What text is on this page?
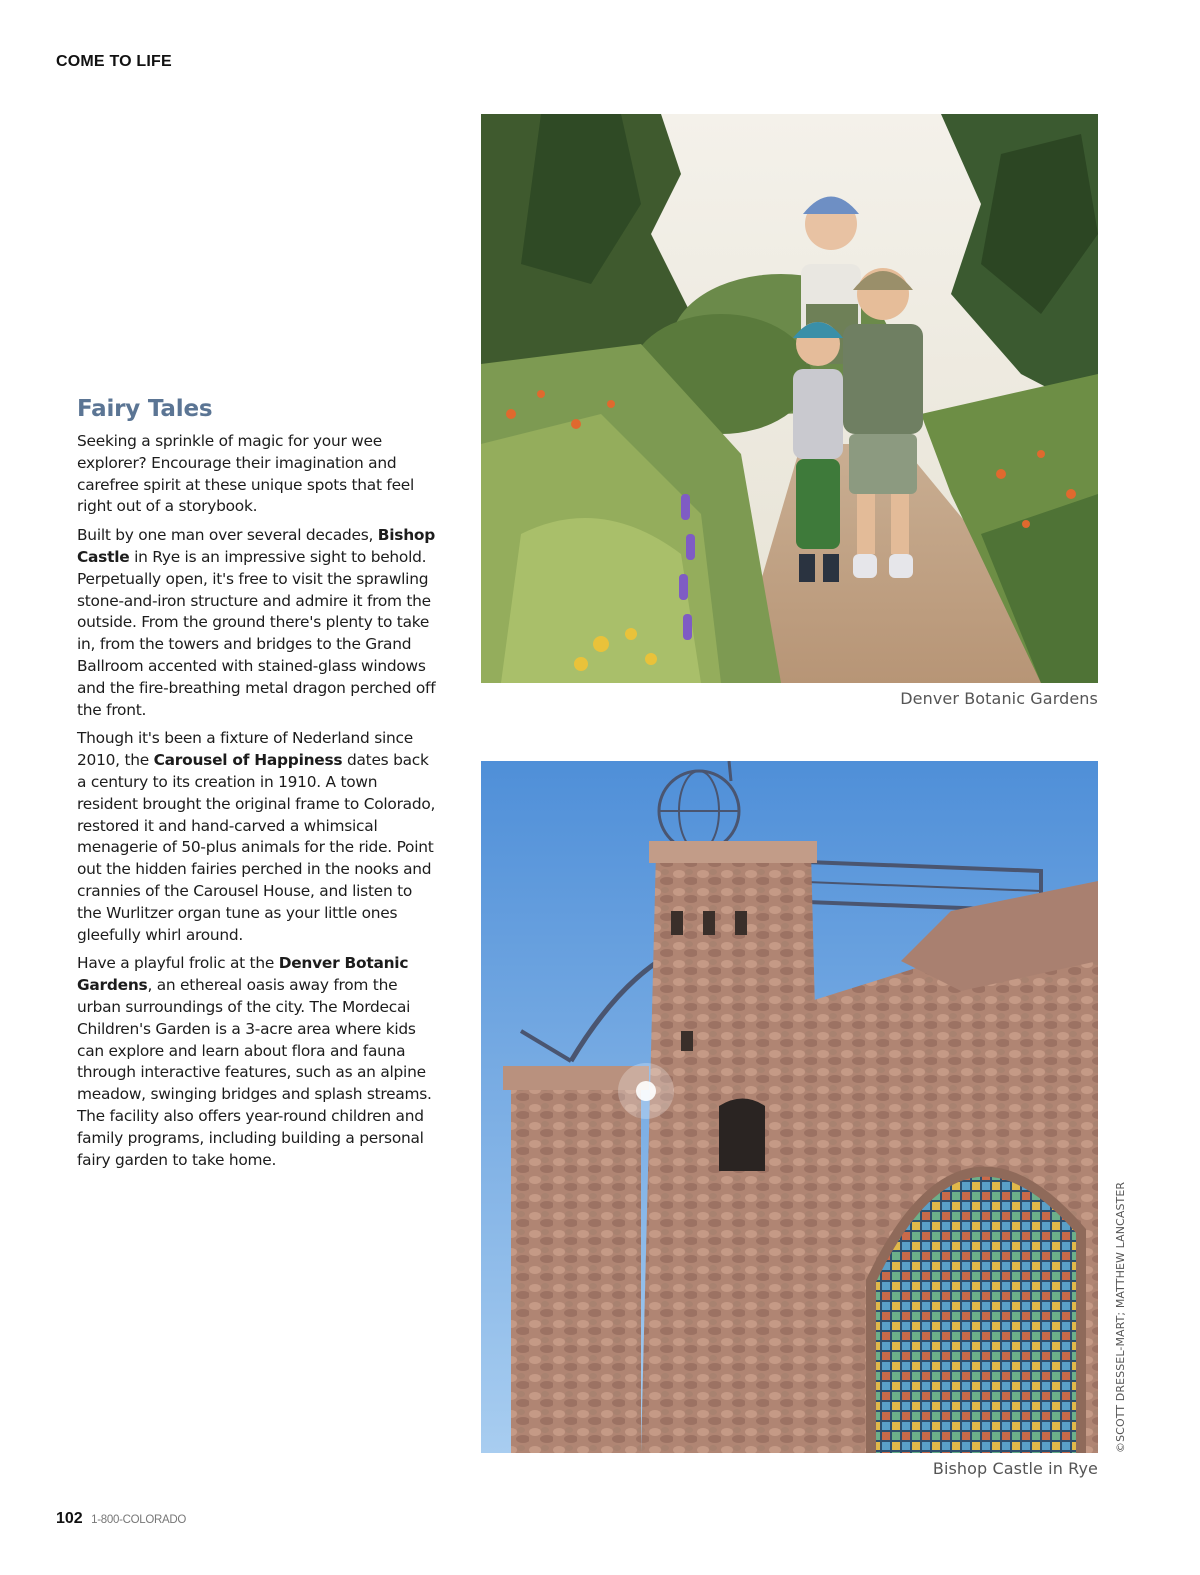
COME TO LIFE
Fairy Tales

Seeking a sprinkle of magic for your wee explorer? Encourage their imagination and carefree spirit at these unique spots that feel right out of a storybook.

Built by one man over several decades, Bishop Castle in Rye is an impressive sight to behold. Perpetually open, it's free to visit the sprawling stone-and-iron structure and admire it from the outside. From the ground there's plenty to take in, from the towers and bridges to the Grand Ballroom accented with stained-glass windows and the fire-breathing metal dragon perched off the front.

Though it's been a fixture of Nederland since 2010, the Carousel of Happiness dates back a century to its creation in 1910. A town resident brought the original frame to Colorado, restored it and hand-carved a whimsical menagerie of 50-plus animals for the ride. Point out the hidden fairies perched in the nooks and crannies of the Carousel House, and listen to the Wurlitzer organ tune as your little ones gleefully whirl around.

Have a playful frolic at the Denver Botanic Gardens, an ethereal oasis away from the urban surroundings of the city. The Mordecai Children's Garden is a 3-acre area where kids can explore and learn about flora and fauna through interactive features, such as an alpine meadow, swinging bridges and splash streams. The facility also offers year-round children and family programs, including building a personal fairy garden to take home.

Denver Botanic Gardens
Bishop Castle in Rye
©SCOTT DRESSEL-MART; MATTHEW LANCASTER
102 1-800-COLORADO
